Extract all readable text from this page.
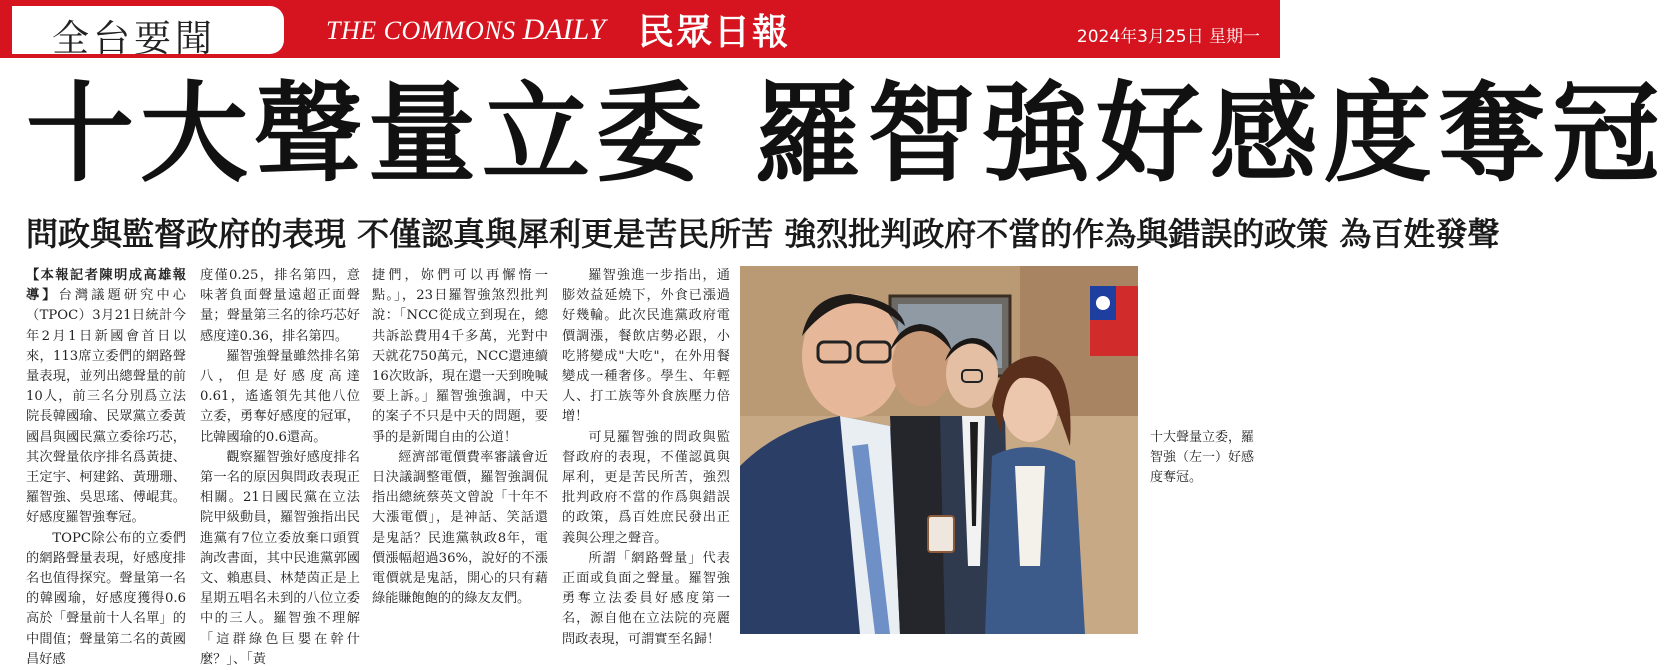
全台要聞	THE COMMONS DAILY 民眾日報	2024年3月25日 星期一
十大聲量立委 羅智強好感度奪冠
問政與監督政府的表現 不僅認真與犀利更是苦民所苦 強烈批判政府不當的作為與錯誤的政策 為百姓發聲

【本報記者陳明成高雄報導】台灣議題研究中心（TPOC）3月21日統計今年2月1日新國會首日以來，113席立委們的網路聲量表現，並列出總聲量的前10人，前三名分別爲立法院長韓國瑜、民眾黨立委黃國昌與國民黨立委徐巧芯，其次聲量依序排名爲黃捷、王定宇、柯建銘、黃珊珊、羅智強、吳思瑤、傅崐萁。好感度羅智強奪冠。

TOPC除公布的立委們的網路聲量表現，好感度排名也值得探究。聲量第一名的韓國瑜，好感度獲得0.6高於「聲量前十人名單」的中間值；聲量第二名的黃國昌好感

度僅0.25，排名第四，意味著負面聲量遠超正面聲量；聲量第三名的徐巧芯好感度達0.36，排名第四。

羅智強聲量雖然排名第八，但是好感度高達0.61，遙遙領先其他八位立委，勇奪好感度的冠軍，比韓國瑜的0.6還高。

觀察羅智強好感度排名第一名的原因與問政表現正相關。21日國民黨在立法院甲級動員，羅智強指出民進黨有7位立委放棄口頭質詢改書面，其中民進黨郭國文、賴惠員、林楚茵正是上星期五唱名未到的八位立委中的三人。羅智強不理解「這群綠色巨嬰在幹什麼？」、「黃

捷們，妳們可以再懈惰一點。」，23日羅智強煞烈批判說：「NCC從成立到現在，總共訴訟費用4千多萬，光對中天就花750萬元，NCC還連續16次敗訴，現在還一天到晚喊要上訴。」羅智強強調，中天的案子不只是中天的問題，要爭的是新聞自由的公道！

經濟部電價費率審議會近日決議調整電價，羅智強調侃指出總統蔡英文曾說「十年不大漲電價」，是神話、笑話還是鬼話？民進黨執政8年，電價漲幅超過36%，說好的不漲電價就是鬼話，開心的只有藉綠能賺飽飽的的綠友友們。

羅智強進一步指出，通膨效益延燒下，外食已漲過好幾輪。此次民進黨政府電價調漲，餐飲店勢必跟，小吃將變成"大吃"，在外用餐變成一種奢侈。學生、年輕人、打工族等外食族壓力倍增！

可見羅智強的問政與監督政府的表現，不僅認眞與犀利，更是苦民所苦，強烈批判政府不當的作爲與錯誤的政策，爲百姓庶民發出正義與公理之聲音。

所謂「網路聲量」代表正面或負面之聲量。羅智強勇奪立法委員好感度第一名，源自他在立法院的亮麗問政表現，可謂實至名歸！

十大聲量立委，羅智強（左一）好感度奪冠。
